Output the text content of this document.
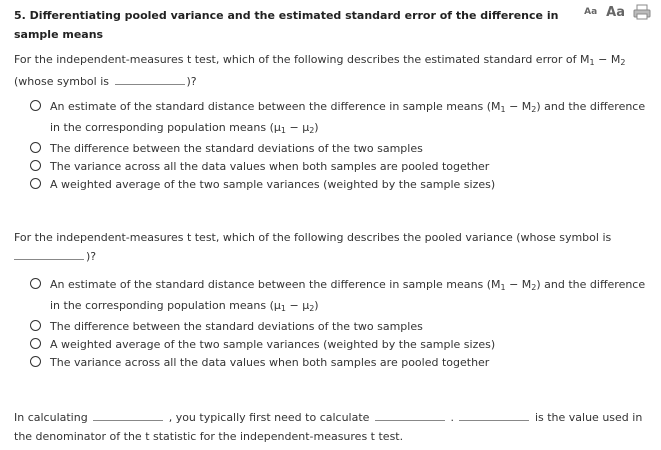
5. Differentiating pooled variance and the estimated standard error of the difference in sample means
Aa Aa
For the independent-measures t test, which of the following describes the estimated standard error of $M_1 - M_2$
(whose symbol is	)?
An estimate of the standard distance between the difference in sample means $(M_1 - M_2)$ and the difference in the corresponding population means $(\mu_1 - \mu_2)$
The difference between the standard deviations of the two samples
The variance across all the data values when both samples are pooled together
A weighted average of the two sample variances (weighted by the sample sizes)
For the independent-measures t test, which of the following describes the pooled variance (whose symbol is
)?
An estimate of the standard distance between the difference in sample means $(M_1 - M_2)$ and the difference in the corresponding population means $(\mu_1 - \mu_2)$
The difference between the standard deviations of the two samples
A weighted average of the two sample variances (weighted by the sample sizes)
The variance across all the data values when both samples are pooled together
In calculating	, you typically first need to calculate	.	is the value used in the denominator of the t statistic for the independent-measures t test.
